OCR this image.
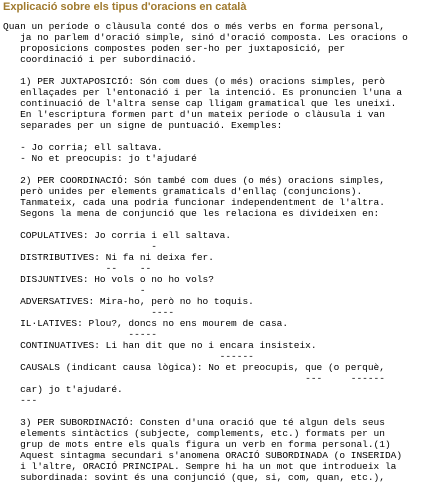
Explicació sobre els tipus d'oracions en català
Quan un període o clàusula conté dos o més verbs en forma personal,
ja no parlem d'oració simple, sinó d'oració composta. Les oracions o
proposicions compostes poden ser-ho per juxtaposició, per
coordinació i per subordinació.
1) PER JUXTAPOSICIÓ: Són com dues (o més) oracions simples, però
enllaçades per l'entonació i per la intenció. Es pronuncien l'una a
continuació de l'altra sense cap lligam gramatical que les uneixi.
En l'escriptura formen part d'un mateix període o clàusula i van
separades per un signe de puntuació. Exemples:
- Jo corria; ell saltava.
- No et preocupis: jo t'ajudaré
2) PER COORDINACIÓ: Són també com dues (o més) oracions simples,
però unides per elements gramaticals d'enllaç (conjuncions).
Tanmateix, cada una podria funcionar independentment de l'altra.
Segons la mena de conjunció que les relaciona es divideixen en:
COPULATIVES: Jo corria i ell saltava.
-
DISTRIBUTIVES: Ni fa ni deixa fer.
--    --
DISJUNTIVES: Ho vols o no ho vols?
-
ADVERSATIVES: Mira-ho, però no ho toquis.
----
IL·LATIVES: Plou?, doncs no ens mourem de casa.
-----
CONTINUATIVES: Li han dit que no i encara insisteix.
------
CAUSALS (indicant causa lògica): No et preocupis, que (o perquè,
---     ------
car) jo t'ajudaré.
---
3) PER SUBORDINACIÓ: Consten d'una oració que té algun dels seus
elements sintàctics (subjecte, complements, etc.) formats per un
grup de mots entre els quals figura un verb en forma personal.(1)
Aquest sintagma secundari s'anomena ORACIÓ SUBORDINADA (o INSERIDA)
i l'altre, ORACIÓ PRINCIPAL. Sempre hi ha un mot que introdueix la
subordinada: sovint és una conjunció (que, si, com, quan, etc.),
